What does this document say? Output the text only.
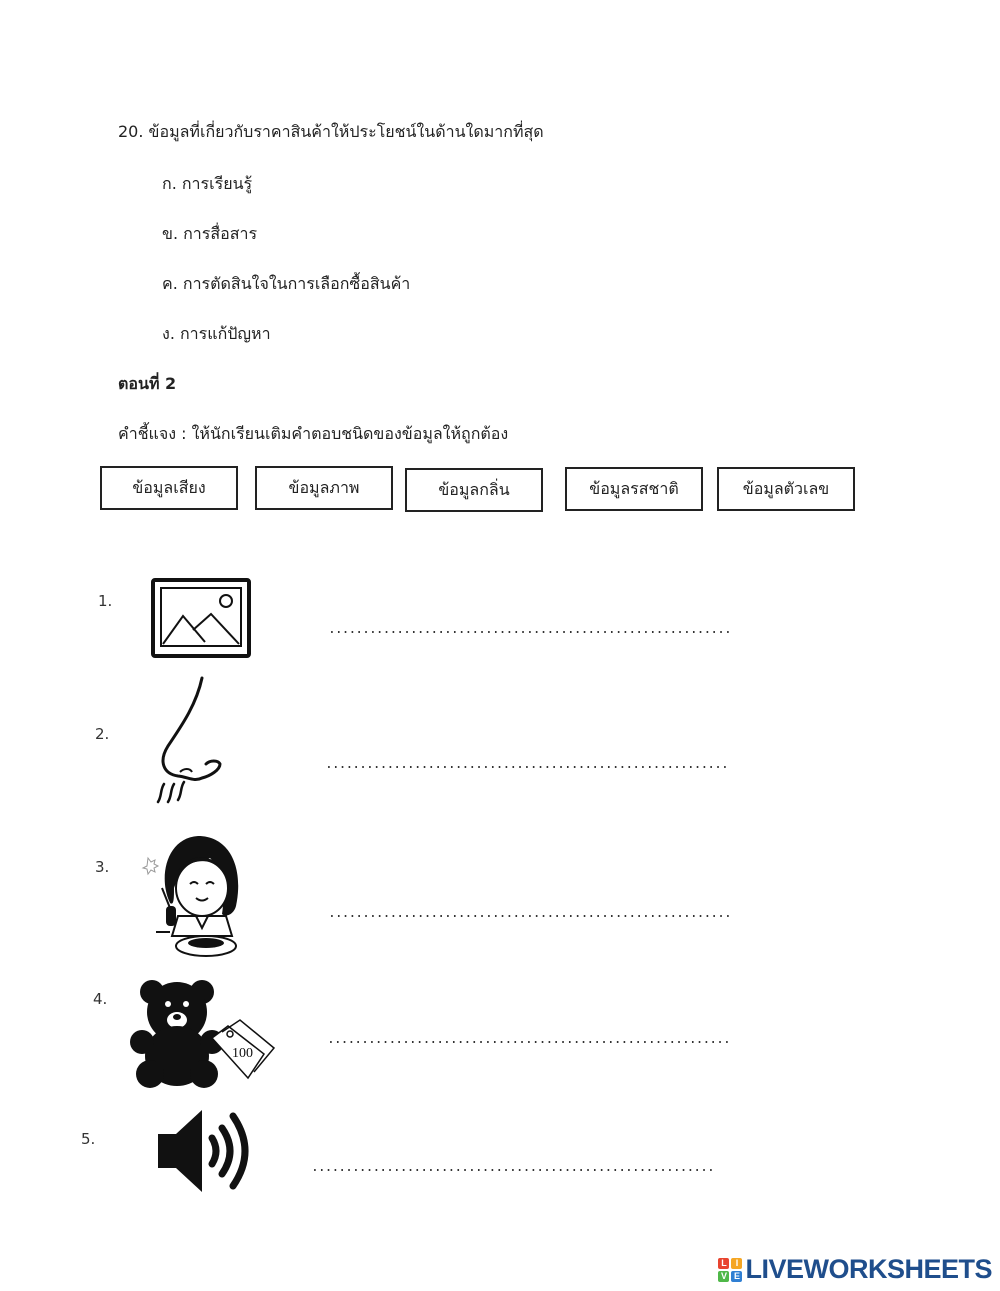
20. ข้อมูลที่เกี่ยวกับราคาสินค้าให้ประโยชน์ในด้านใดมากที่สุด
ก. การเรียนรู้
ข. การสื่อสาร
ค. การตัดสินใจในการเลือกซื้อสินค้า
ง. การแก้ปัญหา
ตอนที่ 2
คำชี้แจง : ให้นักเรียนเติมคำตอบชนิดของข้อมูลให้ถูกต้อง
ข้อมูลเสียง	ข้อมูลภาพ	ข้อมูลกลิ่น	ข้อมูลรสชาติ	ข้อมูลตัวเลข
1.
...........................................................
2.
...........................................................
3.
...........................................................
4.
100
...........................................................
5.
...........................................................
L I
V E LIVEWORKSHEETS
